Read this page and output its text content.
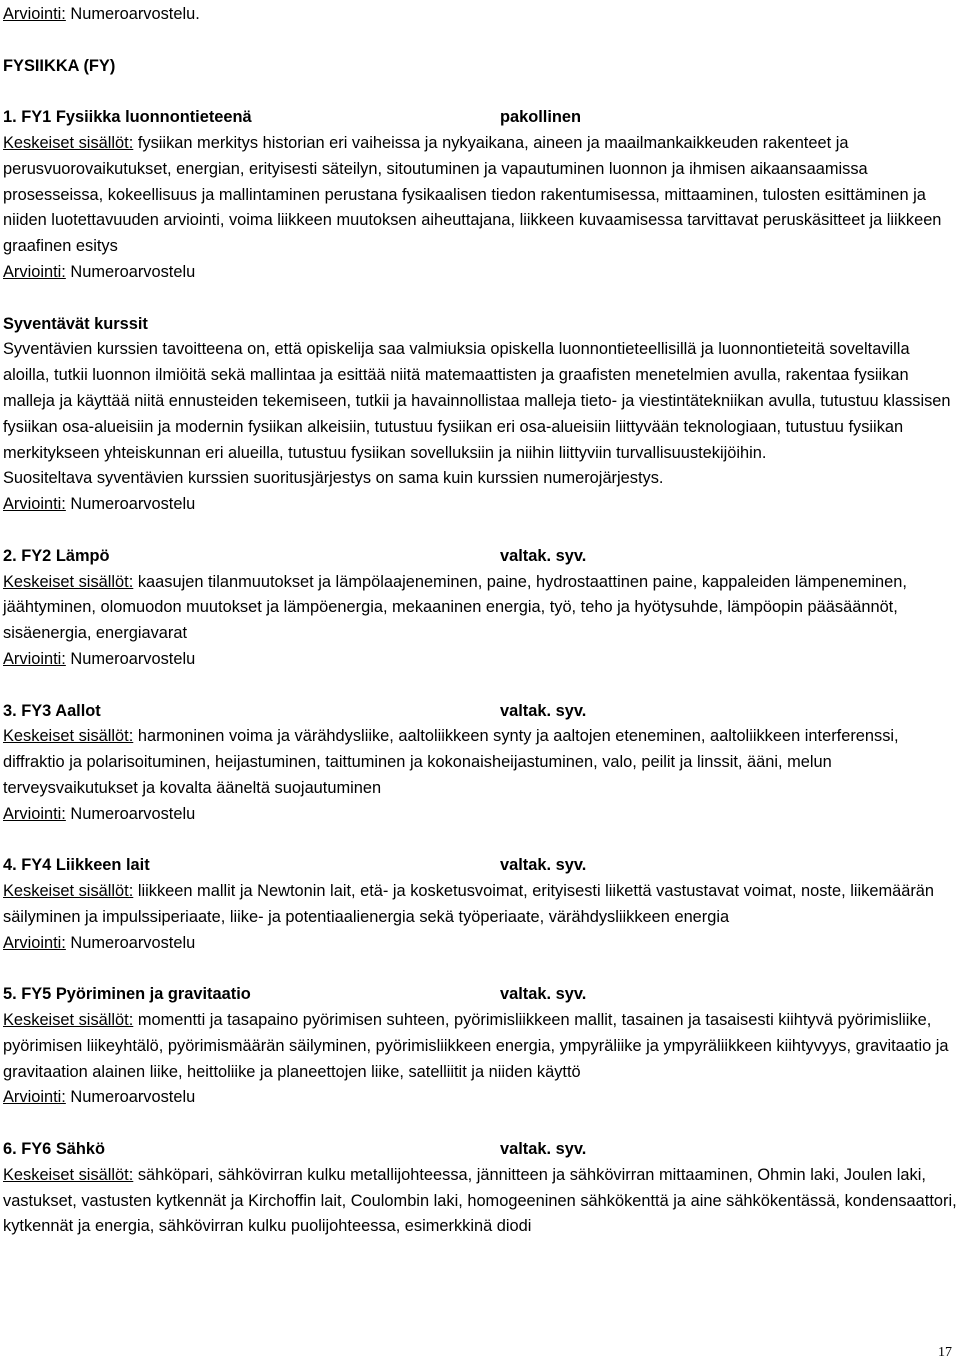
Arviointi: Numeroarvostelu.

FYSIIKKA (FY)

1. FY1 Fysiikka luonnontieteenä	pakollinen

Keskeiset sisällöt: fysiikan merkitys historian eri vaiheissa ja nykyaikana, aineen ja maailmankaikkeuden rakenteet ja perusvuorovaikutukset, energian, erityisesti säteilyn, sitoutuminen ja vapautuminen luonnon ja ihmisen aikaansaamissa prosesseissa, kokeellisuus ja mallintaminen perustana fysikaalisen tiedon rakentumisessa, mittaaminen, tulosten esittäminen ja niiden luotettavuuden arviointi, voima liikkeen muutoksen aiheuttajana, liikkeen kuvaamisessa tarvittavat peruskäsitteet ja liikkeen graafinen esitys

Arviointi: Numeroarvostelu

Syventävät kurssit

Syventävien kurssien tavoitteena on, että opiskelija saa valmiuksia opiskella luonnontieteellisillä ja luonnontieteitä soveltavilla aloilla, tutkii luonnon ilmiöitä sekä mallintaa ja esittää niitä matemaattisten ja graafisten menetelmien avulla, rakentaa fysiikan malleja ja käyttää niitä ennusteiden tekemiseen, tutkii ja havainnollistaa malleja tieto- ja viestintätekniikan avulla, tutustuu klassisen fysiikan osa-alueisiin ja modernin fysiikan alkeisiin, tutustuu fysiikan eri osa-alueisiin liittyvään teknologiaan, tutustuu fysiikan merkitykseen yhteiskunnan eri alueilla, tutustuu fysiikan sovelluksiin ja niihin liittyviin turvallisuustekijöihin.

Suositeltava syventävien kurssien suoritusjärjestys on sama kuin kurssien numerojärjestys.

Arviointi: Numeroarvostelu

2. FY2 Lämpö	valtak. syv.

Keskeiset sisällöt: kaasujen tilanmuutokset ja lämpölaajeneminen, paine, hydrostaattinen paine, kappaleiden lämpeneminen, jäähtyminen, olomuodon muutokset ja lämpöenergia, mekaaninen energia, työ, teho ja hyötysuhde, lämpöopin pääsäännöt, sisäenergia, energiavarat

Arviointi: Numeroarvostelu

3. FY3 Aallot	valtak. syv.

Keskeiset sisällöt: harmoninen voima ja värähdysliike, aaltoliikkeen synty ja aaltojen eteneminen, aaltoliikkeen interferenssi, diffraktio ja polarisoituminen, heijastuminen, taittuminen ja kokonaisheijastuminen, valo, peilit ja linssit, ääni, melun terveysvaikutukset ja kovalta ääneltä suojautuminen

Arviointi: Numeroarvostelu

4. FY4 Liikkeen lait	valtak. syv.

Keskeiset sisällöt: liikkeen mallit ja Newtonin lait, etä- ja kosketusvoimat, erityisesti liikettä vastustavat voimat, noste, liikemäärän säilyminen ja impulssiperiaate, liike- ja potentiaalienergia sekä työperiaate, värähdysliikkeen energia

Arviointi: Numeroarvostelu

5. FY5 Pyöriminen ja gravitaatio	valtak. syv.

Keskeiset sisällöt: momentti ja tasapaino pyörimisen suhteen, pyörimisliikkeen mallit, tasainen ja tasaisesti kiihtyvä pyörimisliike, pyörimisen liikeyhtälö, pyörimismäärän säilyminen, pyörimisliikkeen energia, ympyräliike ja ympyräliikkeen kiihtyvyys, gravitaatio ja gravitaation alainen liike, heittoliike ja planeettojen liike, satelliitit ja niiden käyttö

Arviointi: Numeroarvostelu

6. FY6 Sähkö	valtak. syv.

Keskeiset sisällöt: sähköpari, sähkövirran kulku metallijohteessa, jännitteen ja sähkövirran mittaaminen, Ohmin laki, Joulen laki, vastukset, vastusten kytkennät ja Kirchoffin lait, Coulombin laki, homogeeninen sähkökenttä ja aine sähkökentässä, kondensaattori, kytkennät ja energia, sähkövirran kulku puolijohteessa, esimerkkinä diodi

17
